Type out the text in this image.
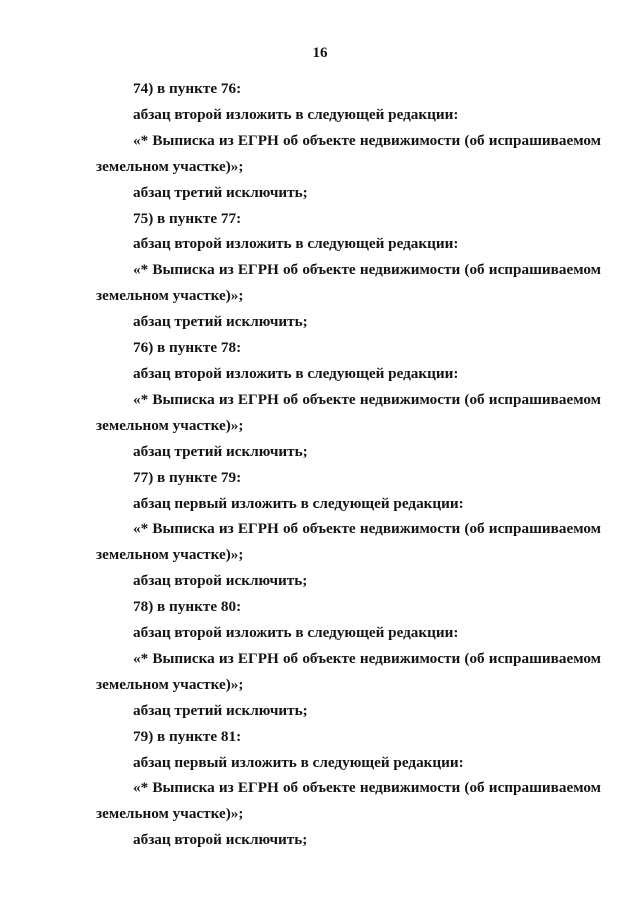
16

74) в пункте 76:

абзац второй изложить в следующей редакции:

«* Выписка из ЕГРН об объекте недвижимости (об испрашиваемом

земельном участке)»;

абзац третий исключить;

75) в пункте 77:

абзац второй изложить в следующей редакции:

«* Выписка из ЕГРН об объекте недвижимости (об испрашиваемом

земельном участке)»;

абзац третий исключить;

76) в пункте 78:

абзац второй изложить в следующей редакции:

«* Выписка из ЕГРН об объекте недвижимости (об испрашиваемом

земельном участке)»;

абзац третий исключить;

77) в пункте 79:

абзац первый изложить в следующей редакции:

«* Выписка из ЕГРН об объекте недвижимости (об испрашиваемом

земельном участке)»;

абзац второй исключить;

78) в пункте 80:

абзац второй изложить в следующей редакции:

«* Выписка из ЕГРН об объекте недвижимости (об испрашиваемом

земельном участке)»;

абзац третий исключить;

79) в пункте 81:

абзац первый изложить в следующей редакции:

«* Выписка из ЕГРН об объекте недвижимости (об испрашиваемом

земельном участке)»;

абзац второй исключить;
